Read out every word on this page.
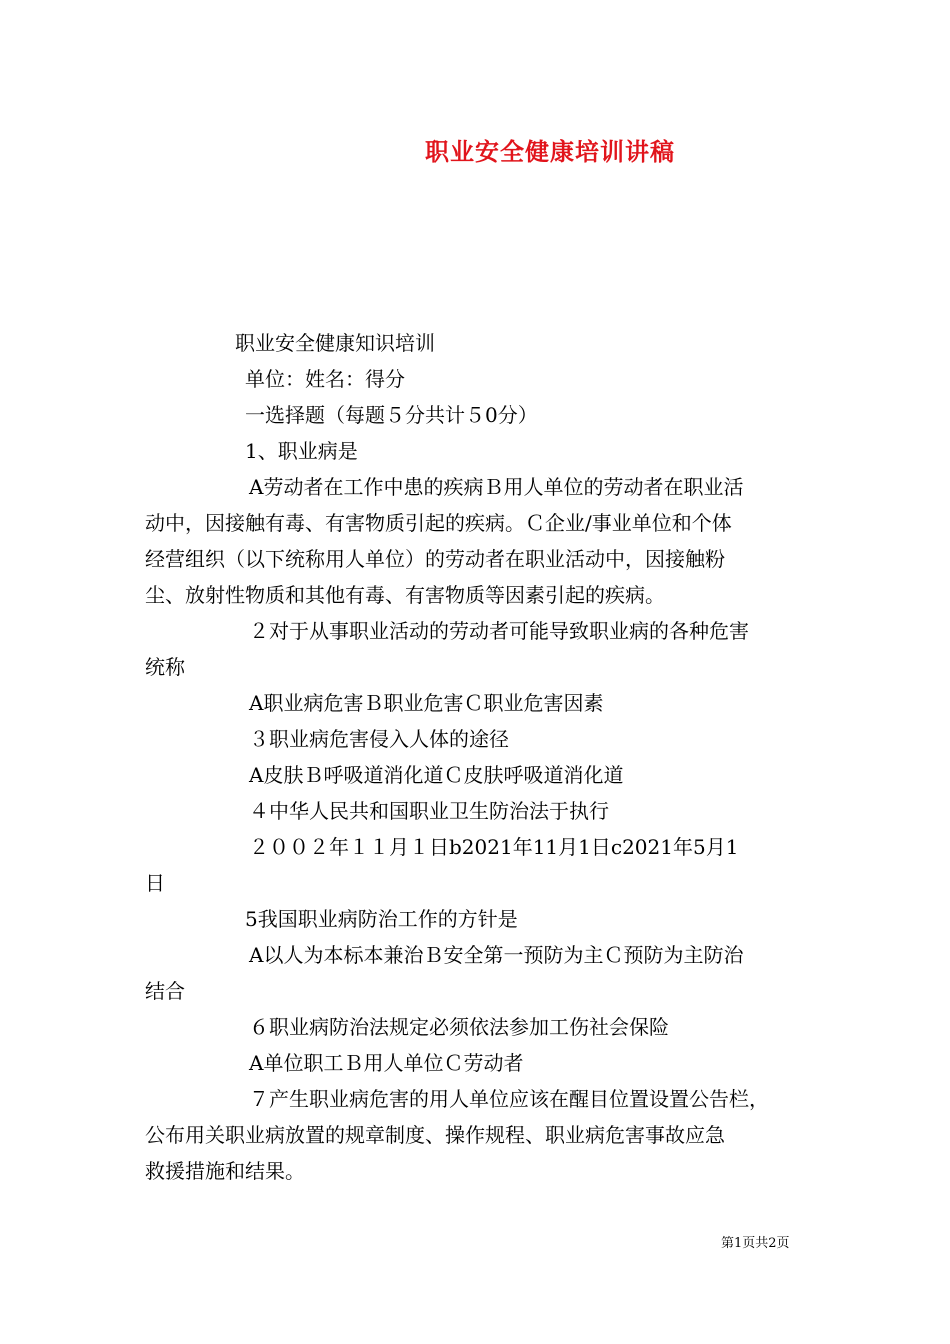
职业安全健康培训讲稿
职业安全健康知识培训
单位：姓名：得分
一选择题（每题５分共计５0分）
1、职业病是
A劳动者在工作中患的疾病Ｂ用人单位的劳动者在职业活
动中，因接触有毒、有害物质引起的疾病。Ｃ企业/事业单位和个体
经营组织（以下统称用人单位）的劳动者在职业活动中，因接触粉
尘、放射性物质和其他有毒、有害物质等因素引起的疾病。
２对于从事职业活动的劳动者可能导致职业病的各种危害
统称
A职业病危害Ｂ职业危害Ｃ职业危害因素
３职业病危害侵入人体的途径
A皮肤Ｂ呼吸道消化道Ｃ皮肤呼吸道消化道
４中华人民共和国职业卫生防治法于执行
２００２年１１月１日b2021年11月1日c2021年5月1
日
5我国职业病防治工作的方针是
A以人为本标本兼治Ｂ安全第一预防为主Ｃ预防为主防治
结合
６职业病防治法规定必须依法参加工伤社会保险
A单位职工Ｂ用人单位Ｃ劳动者
７产生职业病危害的用人单位应该在醒目位置设置公告栏，
公布用关职业病放置的规章制度、操作规程、职业病危害事故应急
救援措施和结果。
第1页共2页
